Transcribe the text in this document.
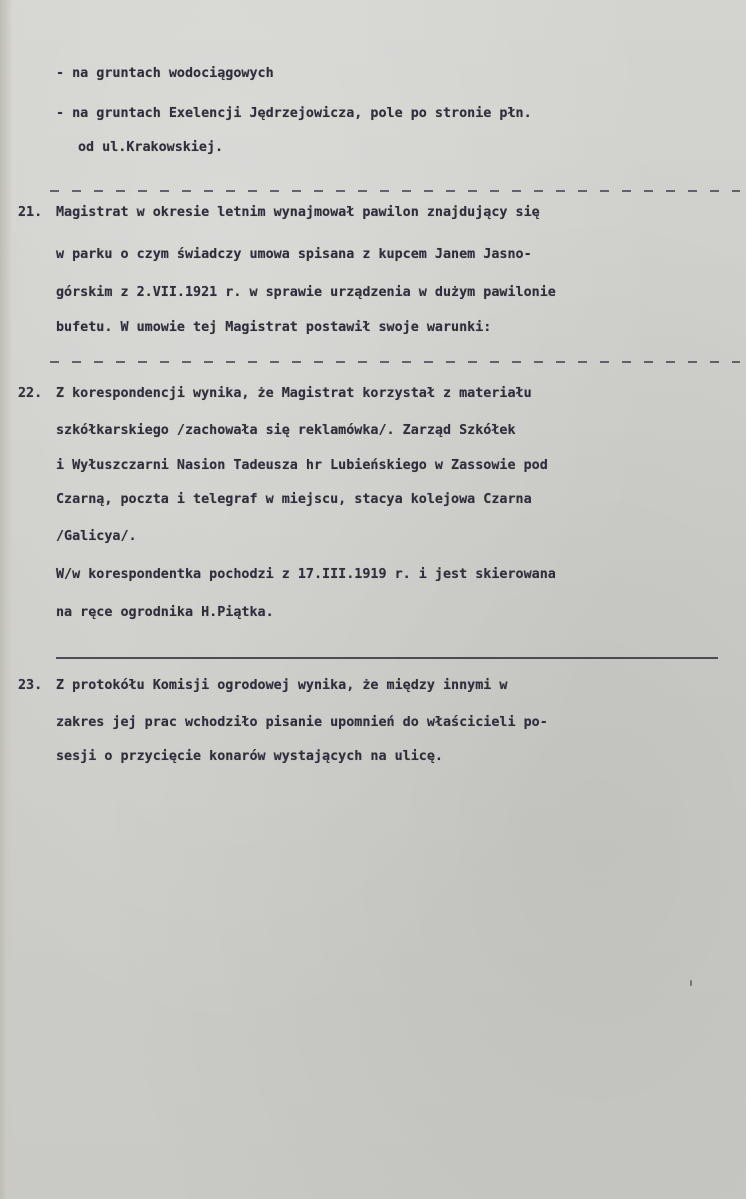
- na gruntach wodociągowych
- na gruntach Exelencji Jędrzejowicza, pole po stronie płn.
od ul.Krakowskiej.
21. Magistrat w okresie letnim wynajmował pawilon znajdujący się
w parku o czym świadczy umowa spisana z kupcem Janem Jasno-
górskim z 2.VII.1921 r. w sprawie urządzenia w dużym pawilonie
bufetu. W umowie tej Magistrat postawił swoje warunki:
22. Z korespondencji wynika, że Magistrat korzystał z materiału
szkółkarskiego /zachowała się reklamówka/. Zarząd Szkółek
i Wyłuszczarni Nasion Tadeusza hr Lubieńskiego w Zassowie pod
Czarną, poczta i telegraf w miejscu, stacya kolejowa Czarna
/Galicya/.
W/w korespondentka pochodzi z 17.III.1919 r. i jest skierowana
na ręce ogrodnika H.Piątka.
23. Z protokółu Komisji ogrodowej wynika, że między innymi w
zakres jej prac wchodziło pisanie upomnień do właścicieli po-
sesji o przycięcie konarów wystających na ulicę.
